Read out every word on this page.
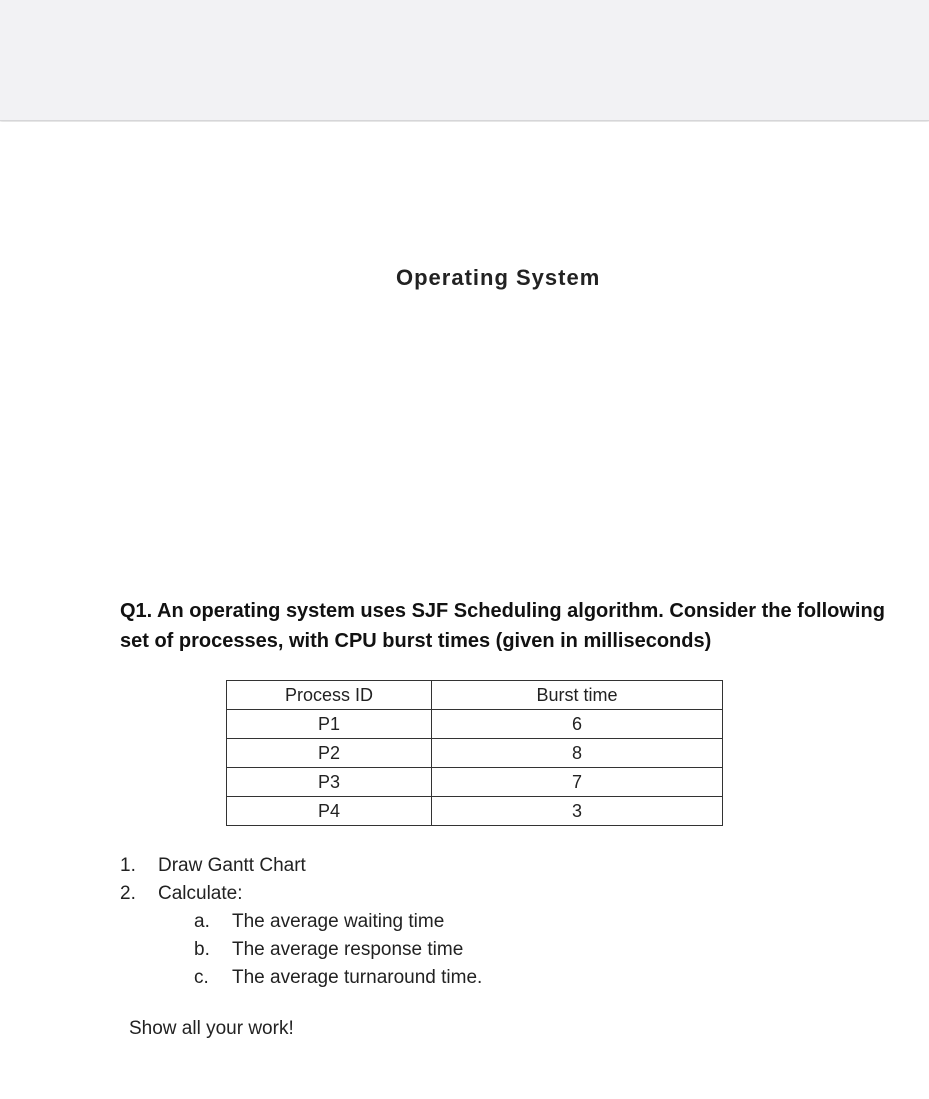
Operating System
Q1. An operating system uses SJF Scheduling algorithm. Consider the following set of processes, with CPU burst times (given in milliseconds)
Process ID	Burst time
P1	6
P2	8
P3	7
P4	3
1.	Draw Gantt Chart
2.	Calculate:
a.	The average waiting time
b.	The average response time
c.	The average turnaround time.
Show all your work!
